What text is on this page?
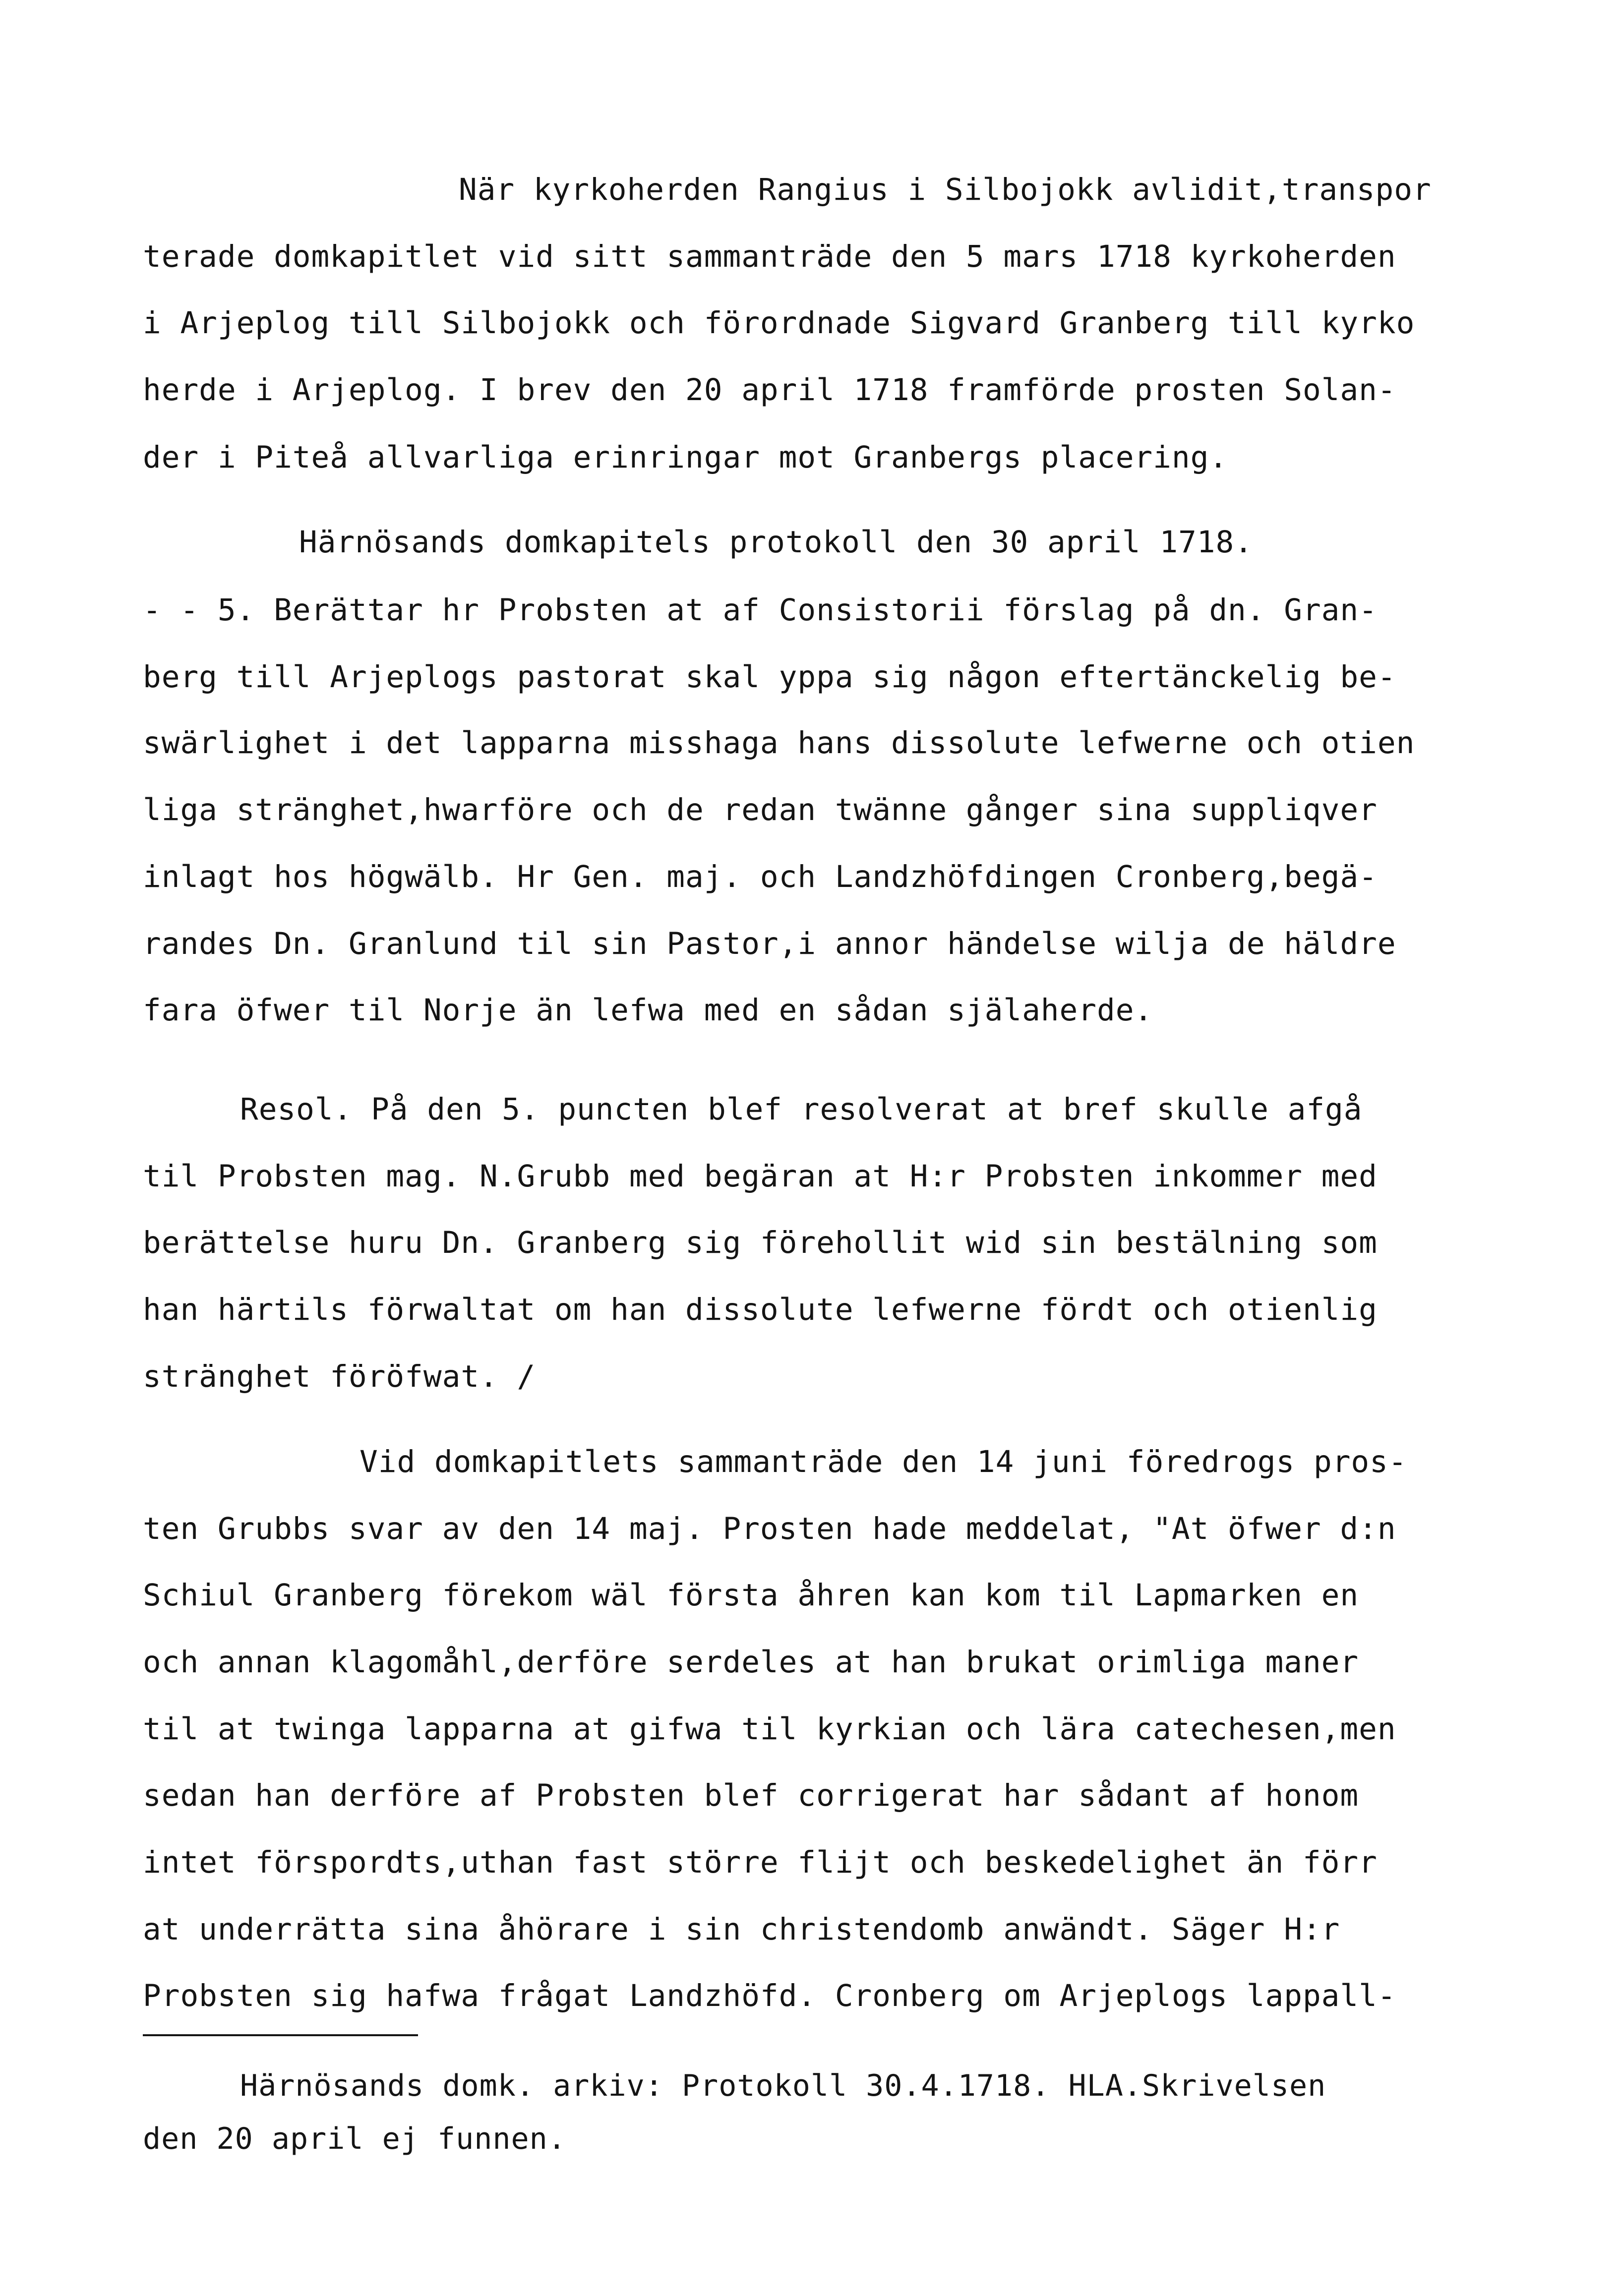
När kyrkoherden Rangius i Silbojokk avlidit,transpor
terade domkapitlet vid sitt sammanträde den 5 mars 1718 kyrkoherden
i Arjeplog till Silbojokk och förordnade Sigvard Granberg till kyrko
herde i Arjeplog. I brev den 20 april 1718 framförde prosten Solan-
der i Piteå allvarliga erinringar mot Granbergs placering.
Härnösands domkapitels protokoll den 30 april 1718.
- - 5. Berättar hr Probsten at af Consistorii förslag på dn. Gran-
berg till Arjeplogs pastorat skal yppa sig någon eftertänckelig be-
swärlighet i det lapparna misshaga hans dissolute lefwerne och otien
liga stränghet,hwarföre och de redan twänne gånger sina suppliqver
inlagt hos högwälb. Hr Gen. maj. och Landzhöfdingen Cronberg,begä-
randes Dn. Granlund til sin Pastor,i annor händelse wilja de häldre
fara öfwer til Norje än lefwa med en sådan själaherde.
Resol. På den 5. puncten blef resolverat at bref skulle afgå
til Probsten mag. N.Grubb med begäran at H:r Probsten inkommer med
berättelse huru Dn. Granberg sig förehollit wid sin bestälning som
han härtils förwaltat om han dissolute lefwerne fördt och otienlig
stränghet föröfwat. /
Vid domkapitlets sammanträde den 14 juni föredrogs pros-
ten Grubbs svar av den 14 maj. Prosten hade meddelat, "At öfwer d:n
Schiul Granberg förekom wäl första åhren kan kom til Lapmarken en
och annan klagomåhl,derföre serdeles at han brukat orimliga maner
til at twinga lapparna at gifwa til kyrkian och lära catechesen,men
sedan han derföre af Probsten blef corrigerat har sådant af honom
intet förspordts,uthan fast större flijt och beskedelighet än förr
at underrätta sina åhörare i sin christendomb anwändt. Säger H:r
Probsten sig hafwa frågat Landzhöfd. Cronberg om Arjeplogs lappall-
Härnösands domk. arkiv: Protokoll 30.4.1718. HLA.Skrivelsen
den 20 april ej funnen.
